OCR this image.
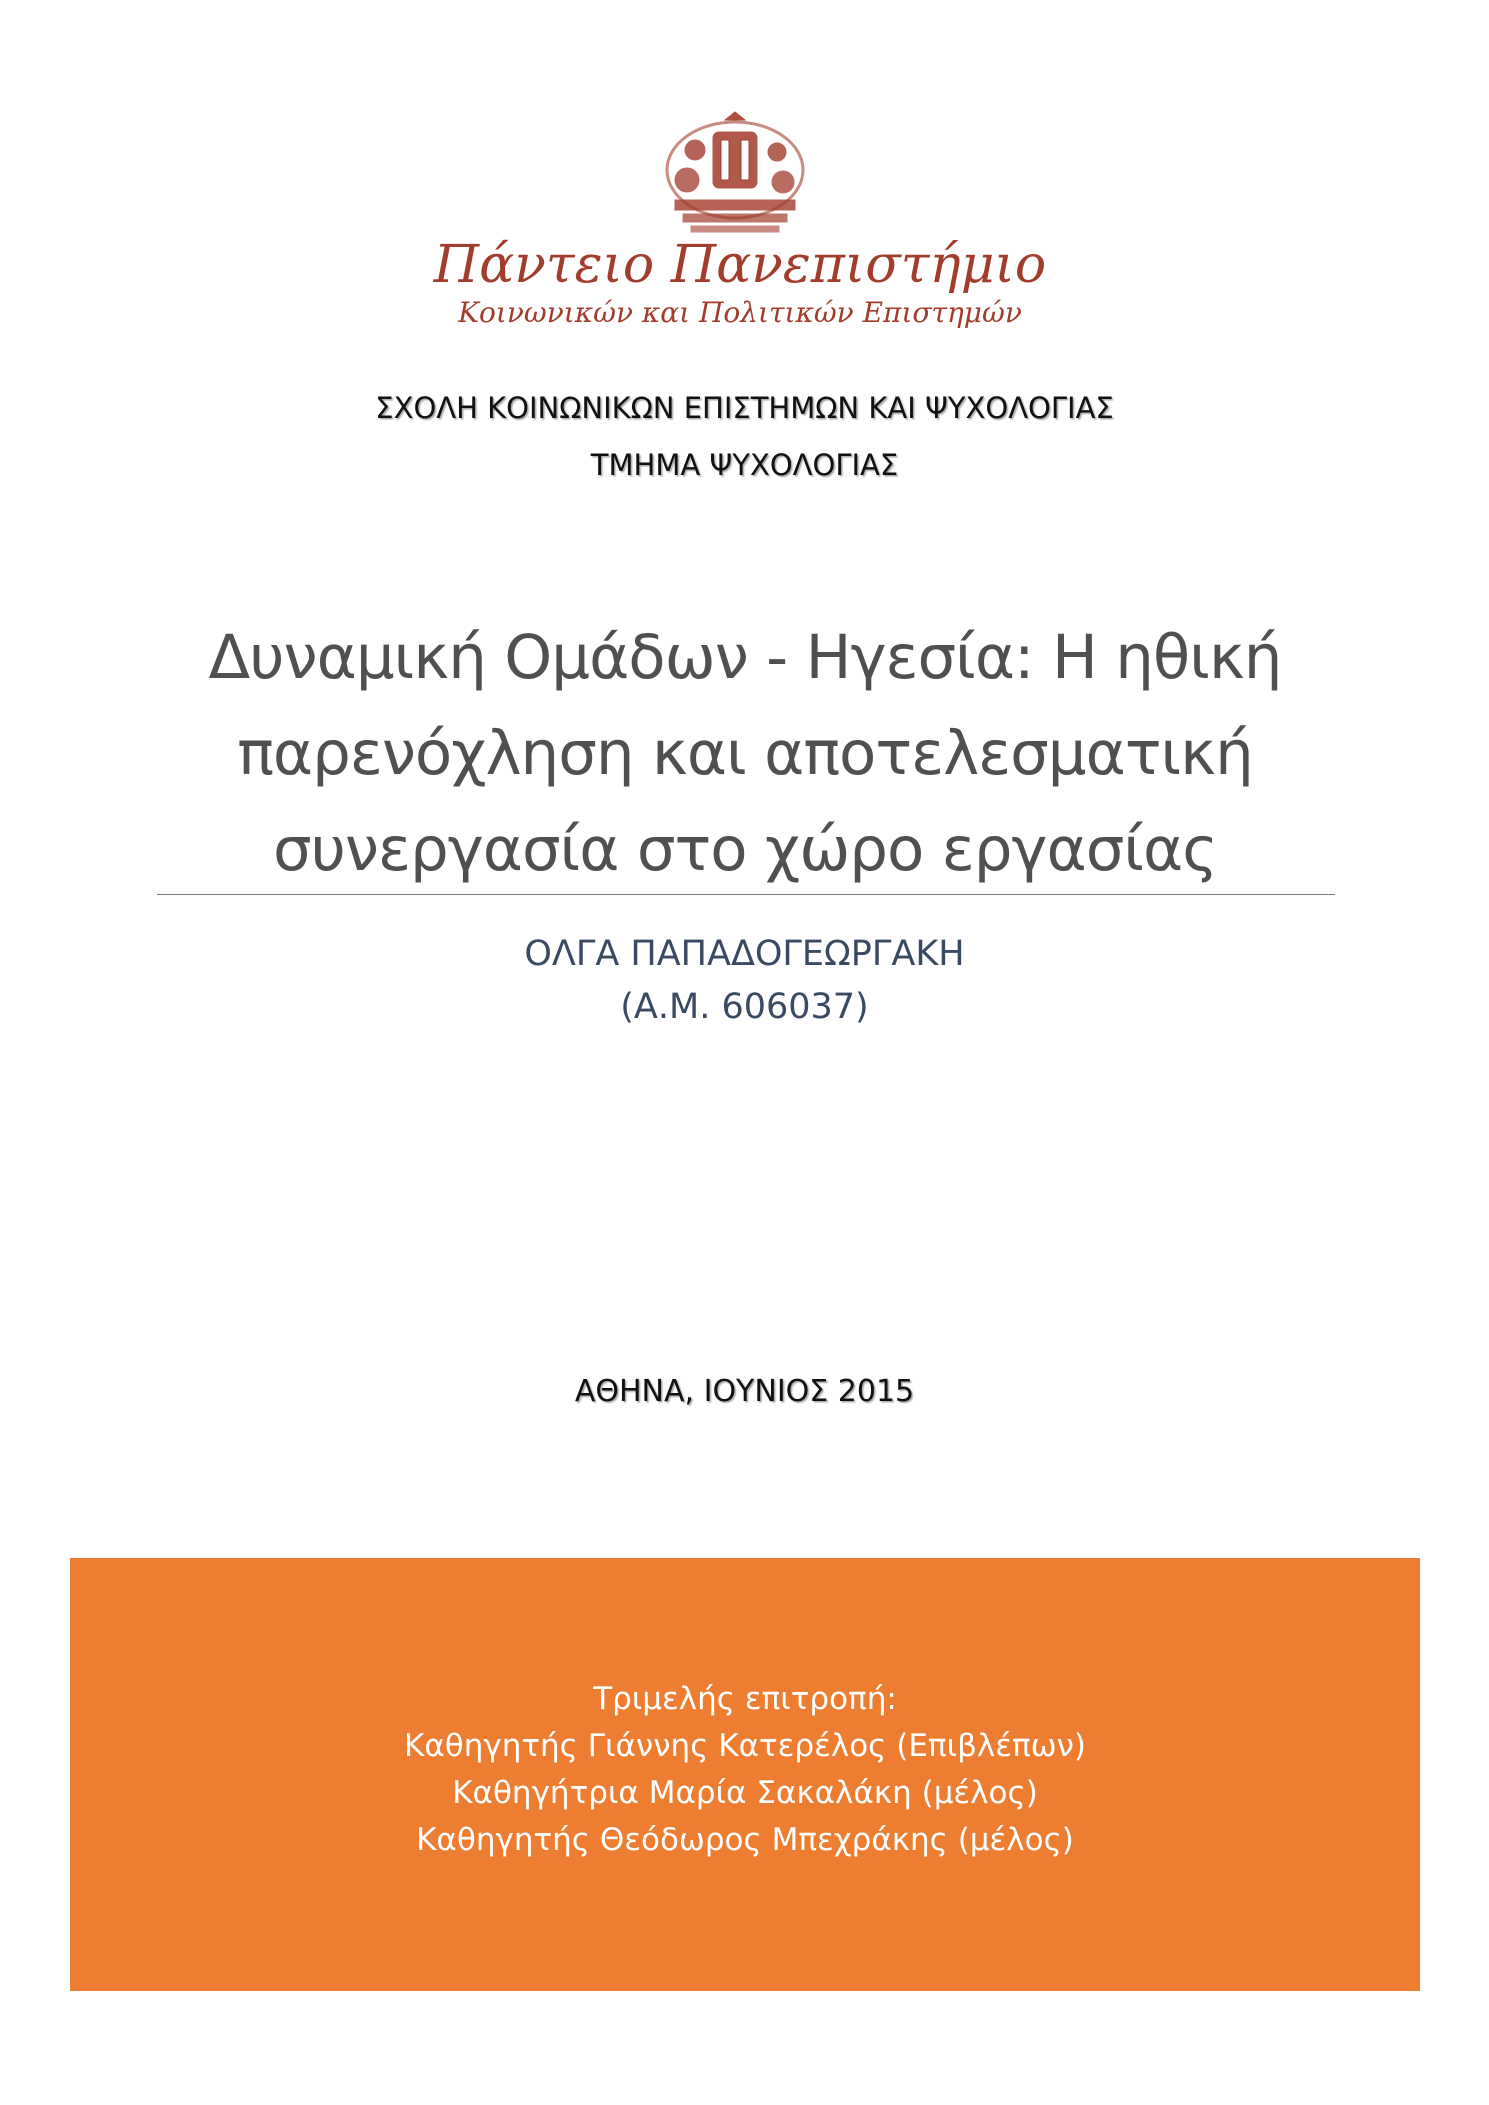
Πάντειο Πανεπιστήμιο
Κοινωνικών και Πολιτικών Επιστημών
ΣΧΟΛΗ ΚΟΙΝΩΝΙΚΩΝ ΕΠΙΣΤΗΜΩΝ ΚΑΙ ΨΥΧΟΛΟΓΙΑΣ
ΤΜΗΜΑ ΨΥΧΟΛΟΓΙΑΣ
Δυναμική Ομάδων - Ηγεσία: Η ηθική
παρενόχληση και αποτελεσματική
συνεργασία στο χώρο εργασίας
ΟΛΓΑ ΠΑΠΑΔΟΓΕΩΡΓΑΚΗ
(Α.Μ. 606037)
ΑΘΗΝΑ, ΙΟΥΝΙΟΣ 2015
Τριμελής επιτροπή:
Καθηγητής Γιάννης Κατερέλος (Επιβλέπων)
Καθηγήτρια Μαρία Σακαλάκη (μέλος)
Καθηγητής Θεόδωρος Μπεχράκης (μέλος)
